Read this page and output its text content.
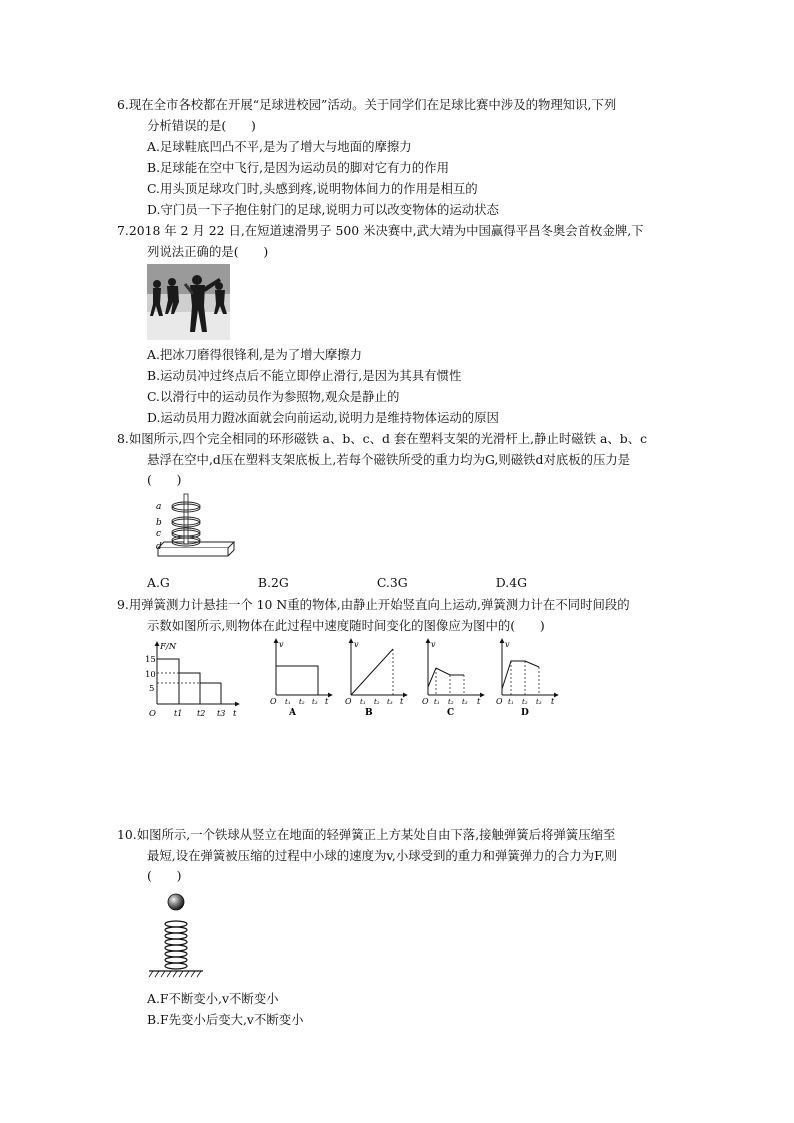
6.现在全市各校都在开展“足球进校园”活动。关于同学们在足球比赛中涉及的物理知识,下列
分析错误的是(　　)
A.足球鞋底凹凸不平,是为了增大与地面的摩擦力
B.足球能在空中飞行,是因为运动员的脚对它有力的作用
C.用头顶足球攻门时,头感到疼,说明物体间力的作用是相互的
D.守门员一下子抱住射门的足球,说明力可以改变物体的运动状态
7.2018 年 2 月 22 日,在短道速滑男子 500 米决赛中,武大靖为中国赢得平昌冬奥会首枚金牌,下
列说法正确的是(　　)
A.把冰刀磨得很锋利,是为了增大摩擦力
B.运动员冲过终点后不能立即停止滑行,是因为其具有惯性
C.以滑行中的运动员作为参照物,观众是静止的
D.运动员用力蹬冰面就会向前运动,说明力是维持物体运动的原因
8.如图所示,四个完全相同的环形磁铁 a、b、c、d 套在塑料支架的光滑杆上,静止时磁铁 a、b、c
悬浮在空中,d压在塑料支架底板上,若每个磁铁所受的重力均为G,则磁铁d对底板的压力是
(　　)
a
b
c
d
A.G	B.2G	C.3G	D.4G
9.用弹簧测力计悬挂一个 10 N重的物体,由静止开始竖直向上运动,弹簧测力计在不同时间段的
示数如图所示,则物体在此过程中速度随时间变化的图像应为图中的(　　)
F/N
15
10
5
O t1 t2 t3 t
v
O t₁ t₂ t₃ t
A
v
O t₁ t₂ t₃ t
B
v
O t₁ t₂ t₃ t
C
v
O t₁ t₂ t₃ t
D
10.如图所示,一个铁球从竖立在地面的轻弹簧正上方某处自由下落,接触弹簧后将弹簧压缩至
最短,设在弹簧被压缩的过程中小球的速度为v,小球受到的重力和弹簧弹力的合力为F,则
(　　)
A.F不断变小,v不断变小
B.F先变小后变大,v不断变小
